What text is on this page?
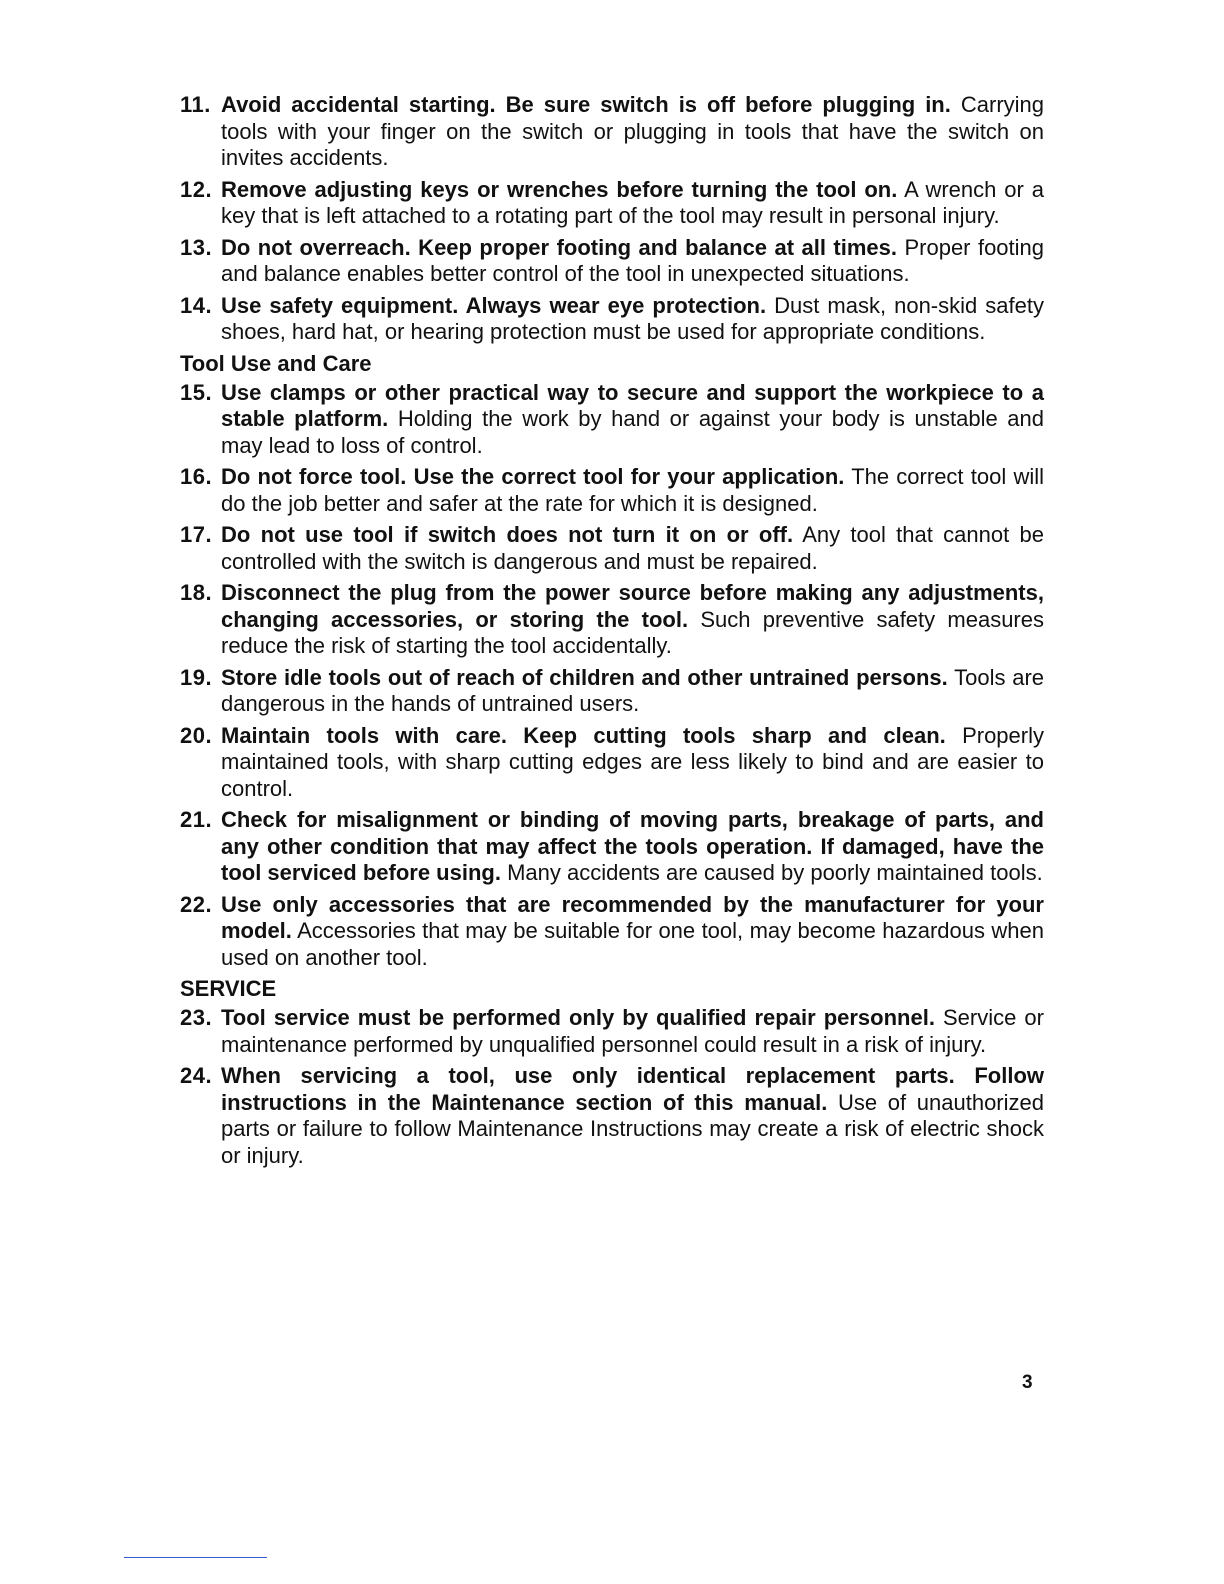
11. Avoid accidental starting. Be sure switch is off before plugging in. Carrying tools with your finger on the switch or plugging in tools that have the switch on invites accidents.
12. Remove adjusting keys or wrenches before turning the tool on. A wrench or a key that is left attached to a rotating part of the tool may result in personal injury.
13. Do not overreach. Keep proper footing and balance at all times. Proper footing and balance enables better control of the tool in unexpected situations.
14. Use safety equipment. Always wear eye protection. Dust mask, non-skid safety shoes, hard hat, or hearing protection must be used for appropriate conditions.
Tool Use and Care
15. Use clamps or other practical way to secure and support the workpiece to a stable platform. Holding the work by hand or against your body is unstable and may lead to loss of control.
16. Do not force tool. Use the correct tool for your application. The correct tool will do the job better and safer at the rate for which it is designed.
17. Do not use tool if switch does not turn it on or off. Any tool that cannot be controlled with the switch is dangerous and must be repaired.
18. Disconnect the plug from the power source before making any adjustments, changing accessories, or storing the tool. Such preventive safety measures reduce the risk of starting the tool accidentally.
19. Store idle tools out of reach of children and other untrained persons. Tools are dangerous in the hands of untrained users.
20. Maintain tools with care. Keep cutting tools sharp and clean. Properly maintained tools, with sharp cutting edges are less likely to bind and are easier to control.
21. Check for misalignment or binding of moving parts, breakage of parts, and any other condition that may affect the tools operation. If damaged, have the tool serviced before using. Many accidents are caused by poorly maintained tools.
22. Use only accessories that are recommended by the manufacturer for your model. Accessories that may be suitable for one tool, may become hazardous when used on another tool.
SERVICE
23. Tool service must be performed only by qualified repair personnel. Service or maintenance performed by unqualified personnel could result in a risk of injury.
24. When servicing a tool, use only identical replacement parts. Follow instructions in the Maintenance section of this manual. Use of unauthorized parts or failure to follow Maintenance Instructions may create a risk of electric shock or injury.
3
